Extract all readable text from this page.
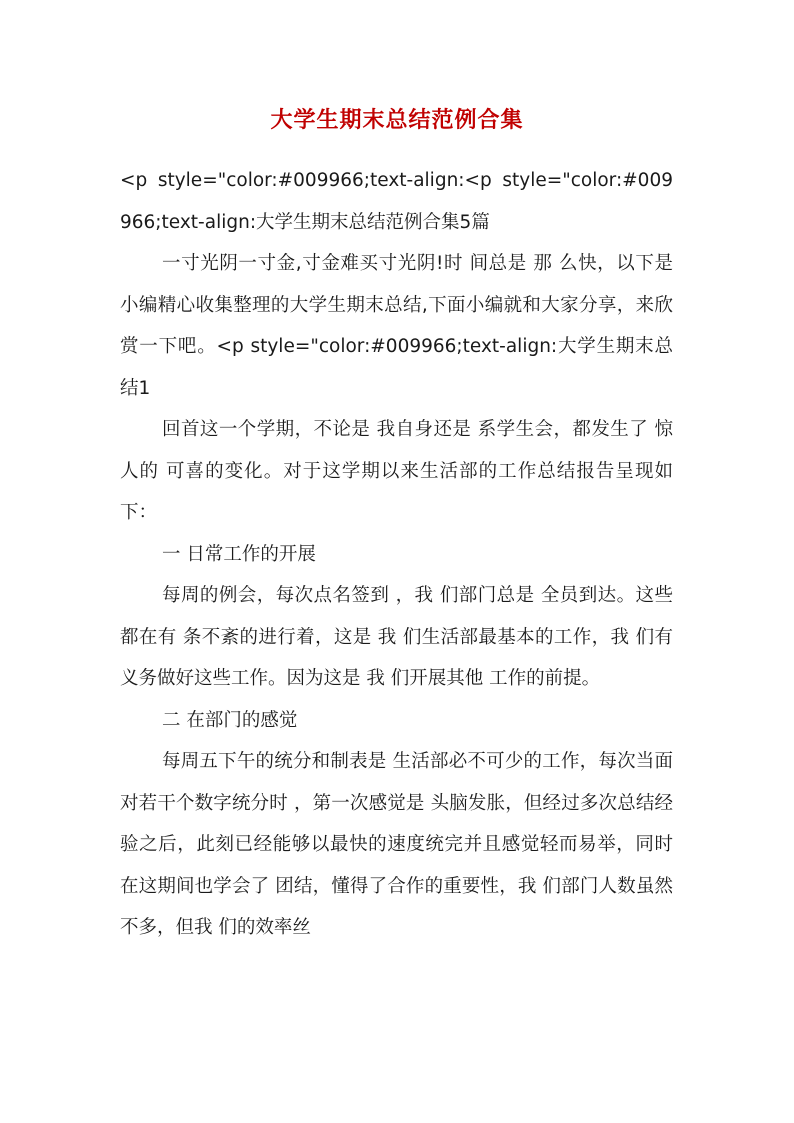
大学生期末总结范例合集

<p style="color:#009966;text-align:<p style="color:#009966;text-align:大学生期末总结范例合集5篇

一寸光阴一寸金,寸金难买寸光阴!时 间总是 那 么快，以下是 小编精心收集整理的大学生期末总结,下面小编就和大家分享，来欣赏一下吧。<p style="color:#009966;text-align:大学生期末总结1

回首这一个学期，不论是 我自身还是 系学生会，都发生了 惊人的 可喜的变化。对于这学期以来生活部的工作总结报告呈现如下：

一 日常工作的开展

每周的例会，每次点名签到 ，我 们部门总是 全员到达。这些都在有 条不紊的进行着，这是 我 们生活部最基本的工作，我 们有 义务做好这些工作。因为这是 我 们开展其他 工作的前提。

二 在部门的感觉

每周五下午的统分和制表是 生活部必不可少的工作，每次当面对若干个数字统分时 ，第一次感觉是 头脑发胀，但经过多次总结经验之后，此刻已经能够以最快的速度统完并且感觉轻而易举，同时 在这期间也学会了 团结，懂得了合作的重要性，我 们部门人数虽然不多，但我 们的效率丝
